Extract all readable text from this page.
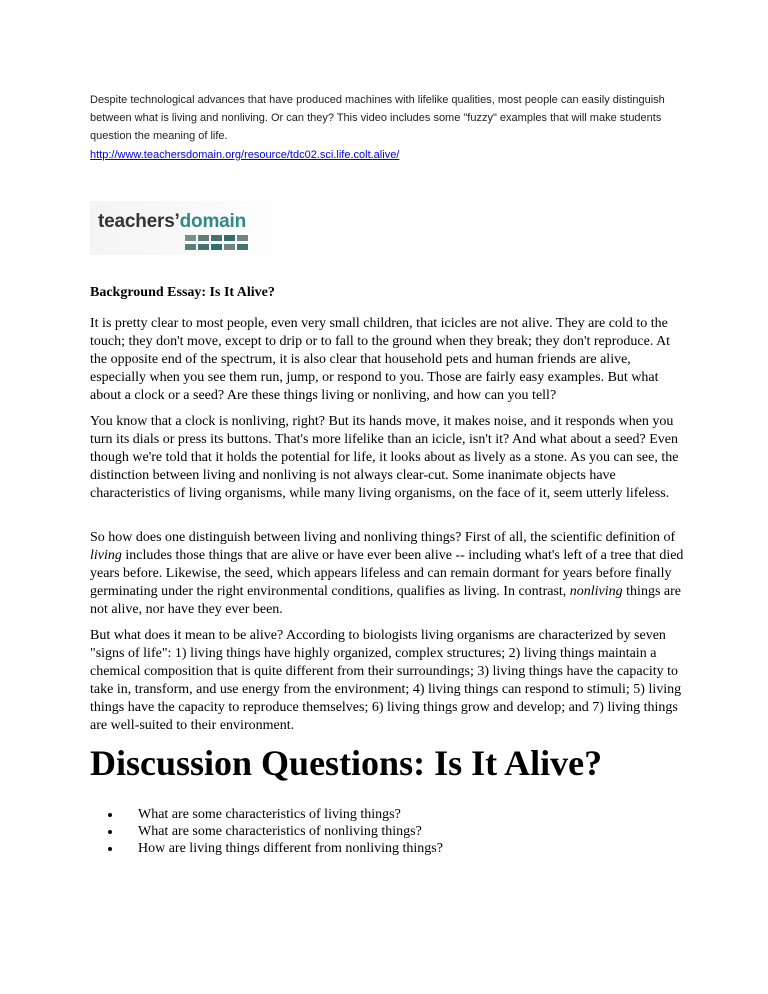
Despite technological advances that have produced machines with lifelike qualities, most people can easily distinguish between what is living and nonliving. Or can they? This video includes some "fuzzy" examples that will make students question the meaning of life.

http://www.teachersdomain.org/resource/tdc02.sci.life.colt.alive/
teachers’domain
Background Essay: Is It Alive?

It is pretty clear to most people, even very small children, that icicles are not alive. They are cold to the touch; they don't move, except to drip or to fall to the ground when they break; they don't reproduce. At the opposite end of the spectrum, it is also clear that household pets and human friends are alive, especially when you see them run, jump, or respond to you. Those are fairly easy examples. But what about a clock or a seed? Are these things living or nonliving, and how can you tell?

You know that a clock is nonliving, right? But its hands move, it makes noise, and it responds when you turn its dials or press its buttons. That's more lifelike than an icicle, isn't it? And what about a seed? Even though we're told that it holds the potential for life, it looks about as lively as a stone. As you can see, the distinction between living and nonliving is not always clear-cut. Some inanimate objects have characteristics of living organisms, while many living organisms, on the face of it, seem utterly lifeless.

So how does one distinguish between living and nonliving things? First of all, the scientific definition of living includes those things that are alive or have ever been alive -- including what's left of a tree that died years before. Likewise, the seed, which appears lifeless and can remain dormant for years before finally germinating under the right environmental conditions, qualifies as living. In contrast, nonliving things are not alive, nor have they ever been.

But what does it mean to be alive? According to biologists living organisms are characterized by seven "signs of life": 1) living things have highly organized, complex structures; 2) living things maintain a chemical composition that is quite different from their surroundings; 3) living things have the capacity to take in, transform, and use energy from the environment; 4) living things can respond to stimuli; 5) living things have the capacity to reproduce themselves; 6) living things grow and develop; and 7) living things are well-suited to their environment.

Discussion Questions: Is It Alive?
What are some characteristics of living things?
What are some characteristics of nonliving things?
How are living things different from nonliving things?
